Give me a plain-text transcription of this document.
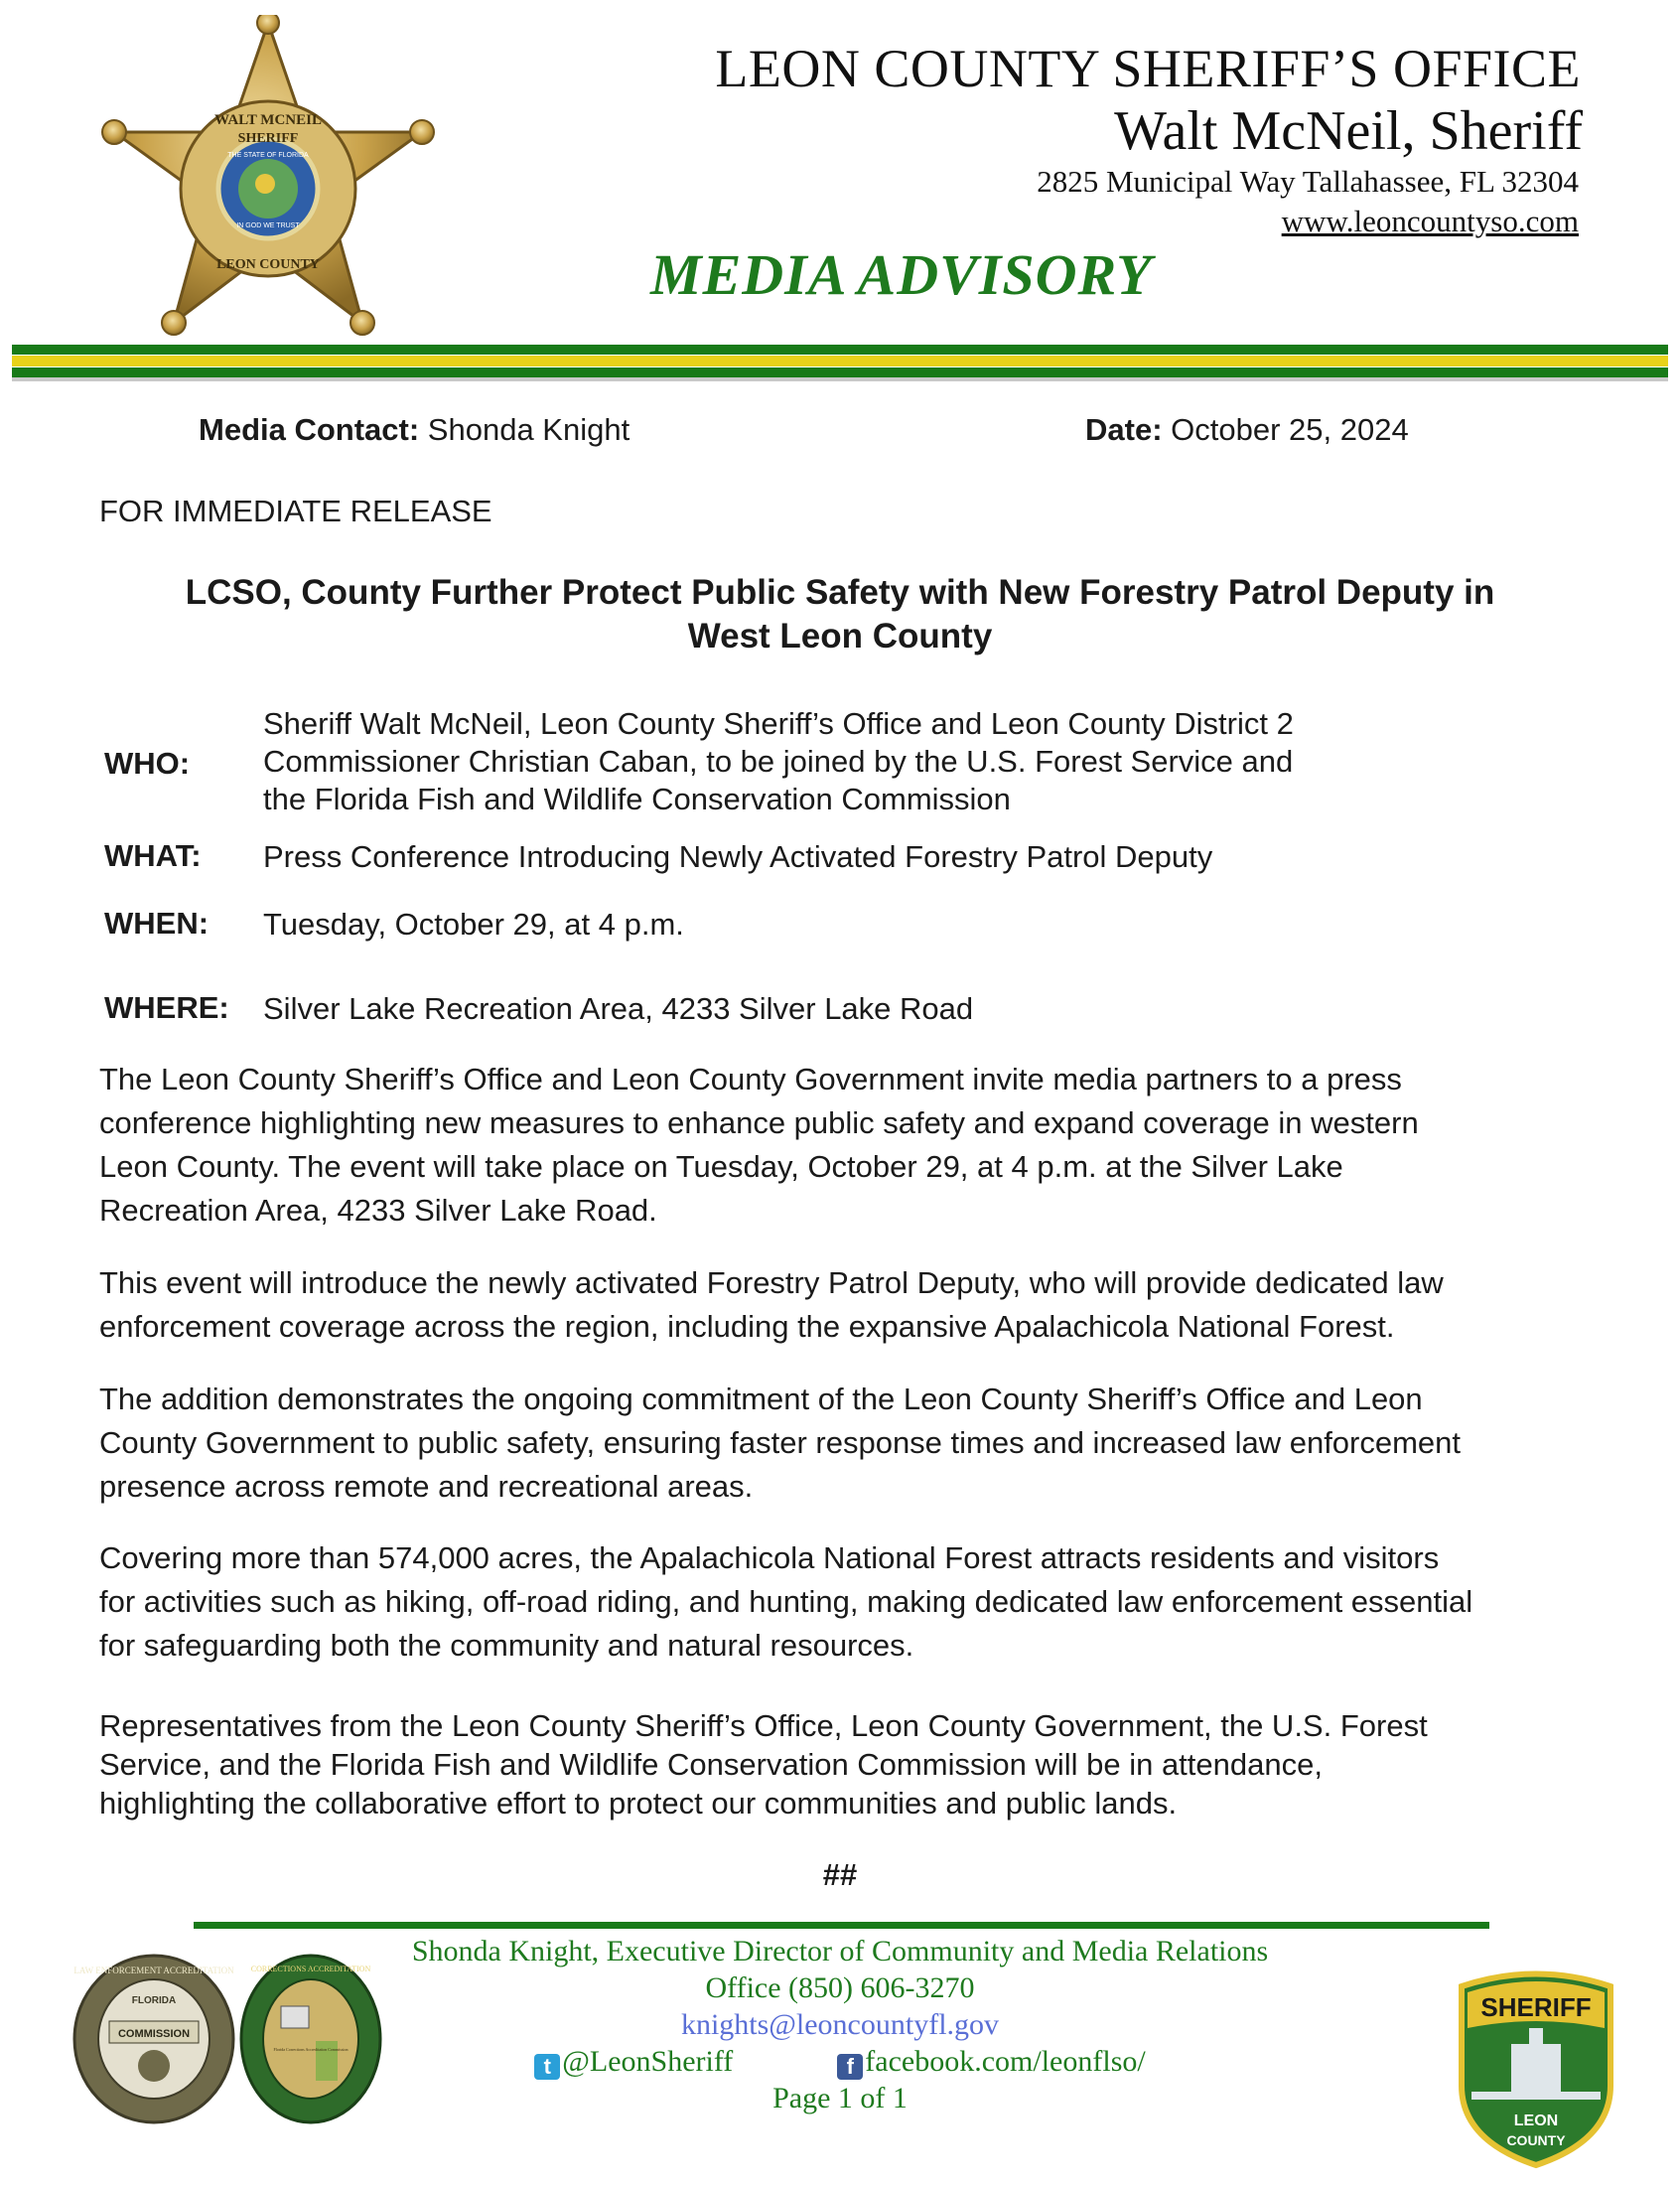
WALT MCNEIL
SHERIFF
THE STATE OF FLORIDA
IN GOD WE TRUST
LEON COUNTY
LEON COUNTY SHERIFF’S OFFICE
Walt McNeil, Sheriff
2825 Municipal Way Tallahassee, FL 32304
www.leoncountyso.com
MEDIA ADVISORY
Media Contact: Shonda Knight	Date: October 25, 2024
FOR IMMEDIATE RELEASE
LCSO, County Further Protect Public Safety with New Forestry Patrol Deputy in
West Leon County
WHO:
Sheriff Walt McNeil, Leon County Sheriff’s Office and Leon County District 2
Commissioner Christian Caban, to be joined by the U.S. Forest Service and
the Florida Fish and Wildlife Conservation Commission
WHAT: Press Conference Introducing Newly Activated Forestry Patrol Deputy
WHEN: Tuesday, October 29, at 4 p.m.
WHERE: Silver Lake Recreation Area, 4233 Silver Lake Road
The Leon County Sheriff’s Office and Leon County Government invite media partners to a press
conference highlighting new measures to enhance public safety and expand coverage in western
Leon County. The event will take place on Tuesday, October 29, at 4 p.m. at the Silver Lake
Recreation Area, 4233 Silver Lake Road.
This event will introduce the newly activated Forestry Patrol Deputy, who will provide dedicated law
enforcement coverage across the region, including the expansive Apalachicola National Forest.
The addition demonstrates the ongoing commitment of the Leon County Sheriff’s Office and Leon
County Government to public safety, ensuring faster response times and increased law enforcement
presence across remote and recreational areas.
Covering more than 574,000 acres, the Apalachicola National Forest attracts residents and visitors
for activities such as hiking, off-road riding, and hunting, making dedicated law enforcement essential
for safeguarding both the community and natural resources.
Representatives from the Leon County Sheriff’s Office, Leon County Government, the U.S. Forest
Service, and the Florida Fish and Wildlife Conservation Commission will be in attendance,
highlighting the collaborative effort to protect our communities and public lands.
##
LAW ENFORCEMENT ACCREDITATION
FLORIDA
COMMISSION
CORRECTIONS ACCREDITATION
Florida Corrections Accreditation Commission
Shonda Knight, Executive Director of Community and Media Relations
Office (850) 606-3270
knights@leoncountyfl.gov
t @LeonSheriff	f facebook.com/leonflso/
Page 1 of 1
SHERIFF
LEON
COUNTY
